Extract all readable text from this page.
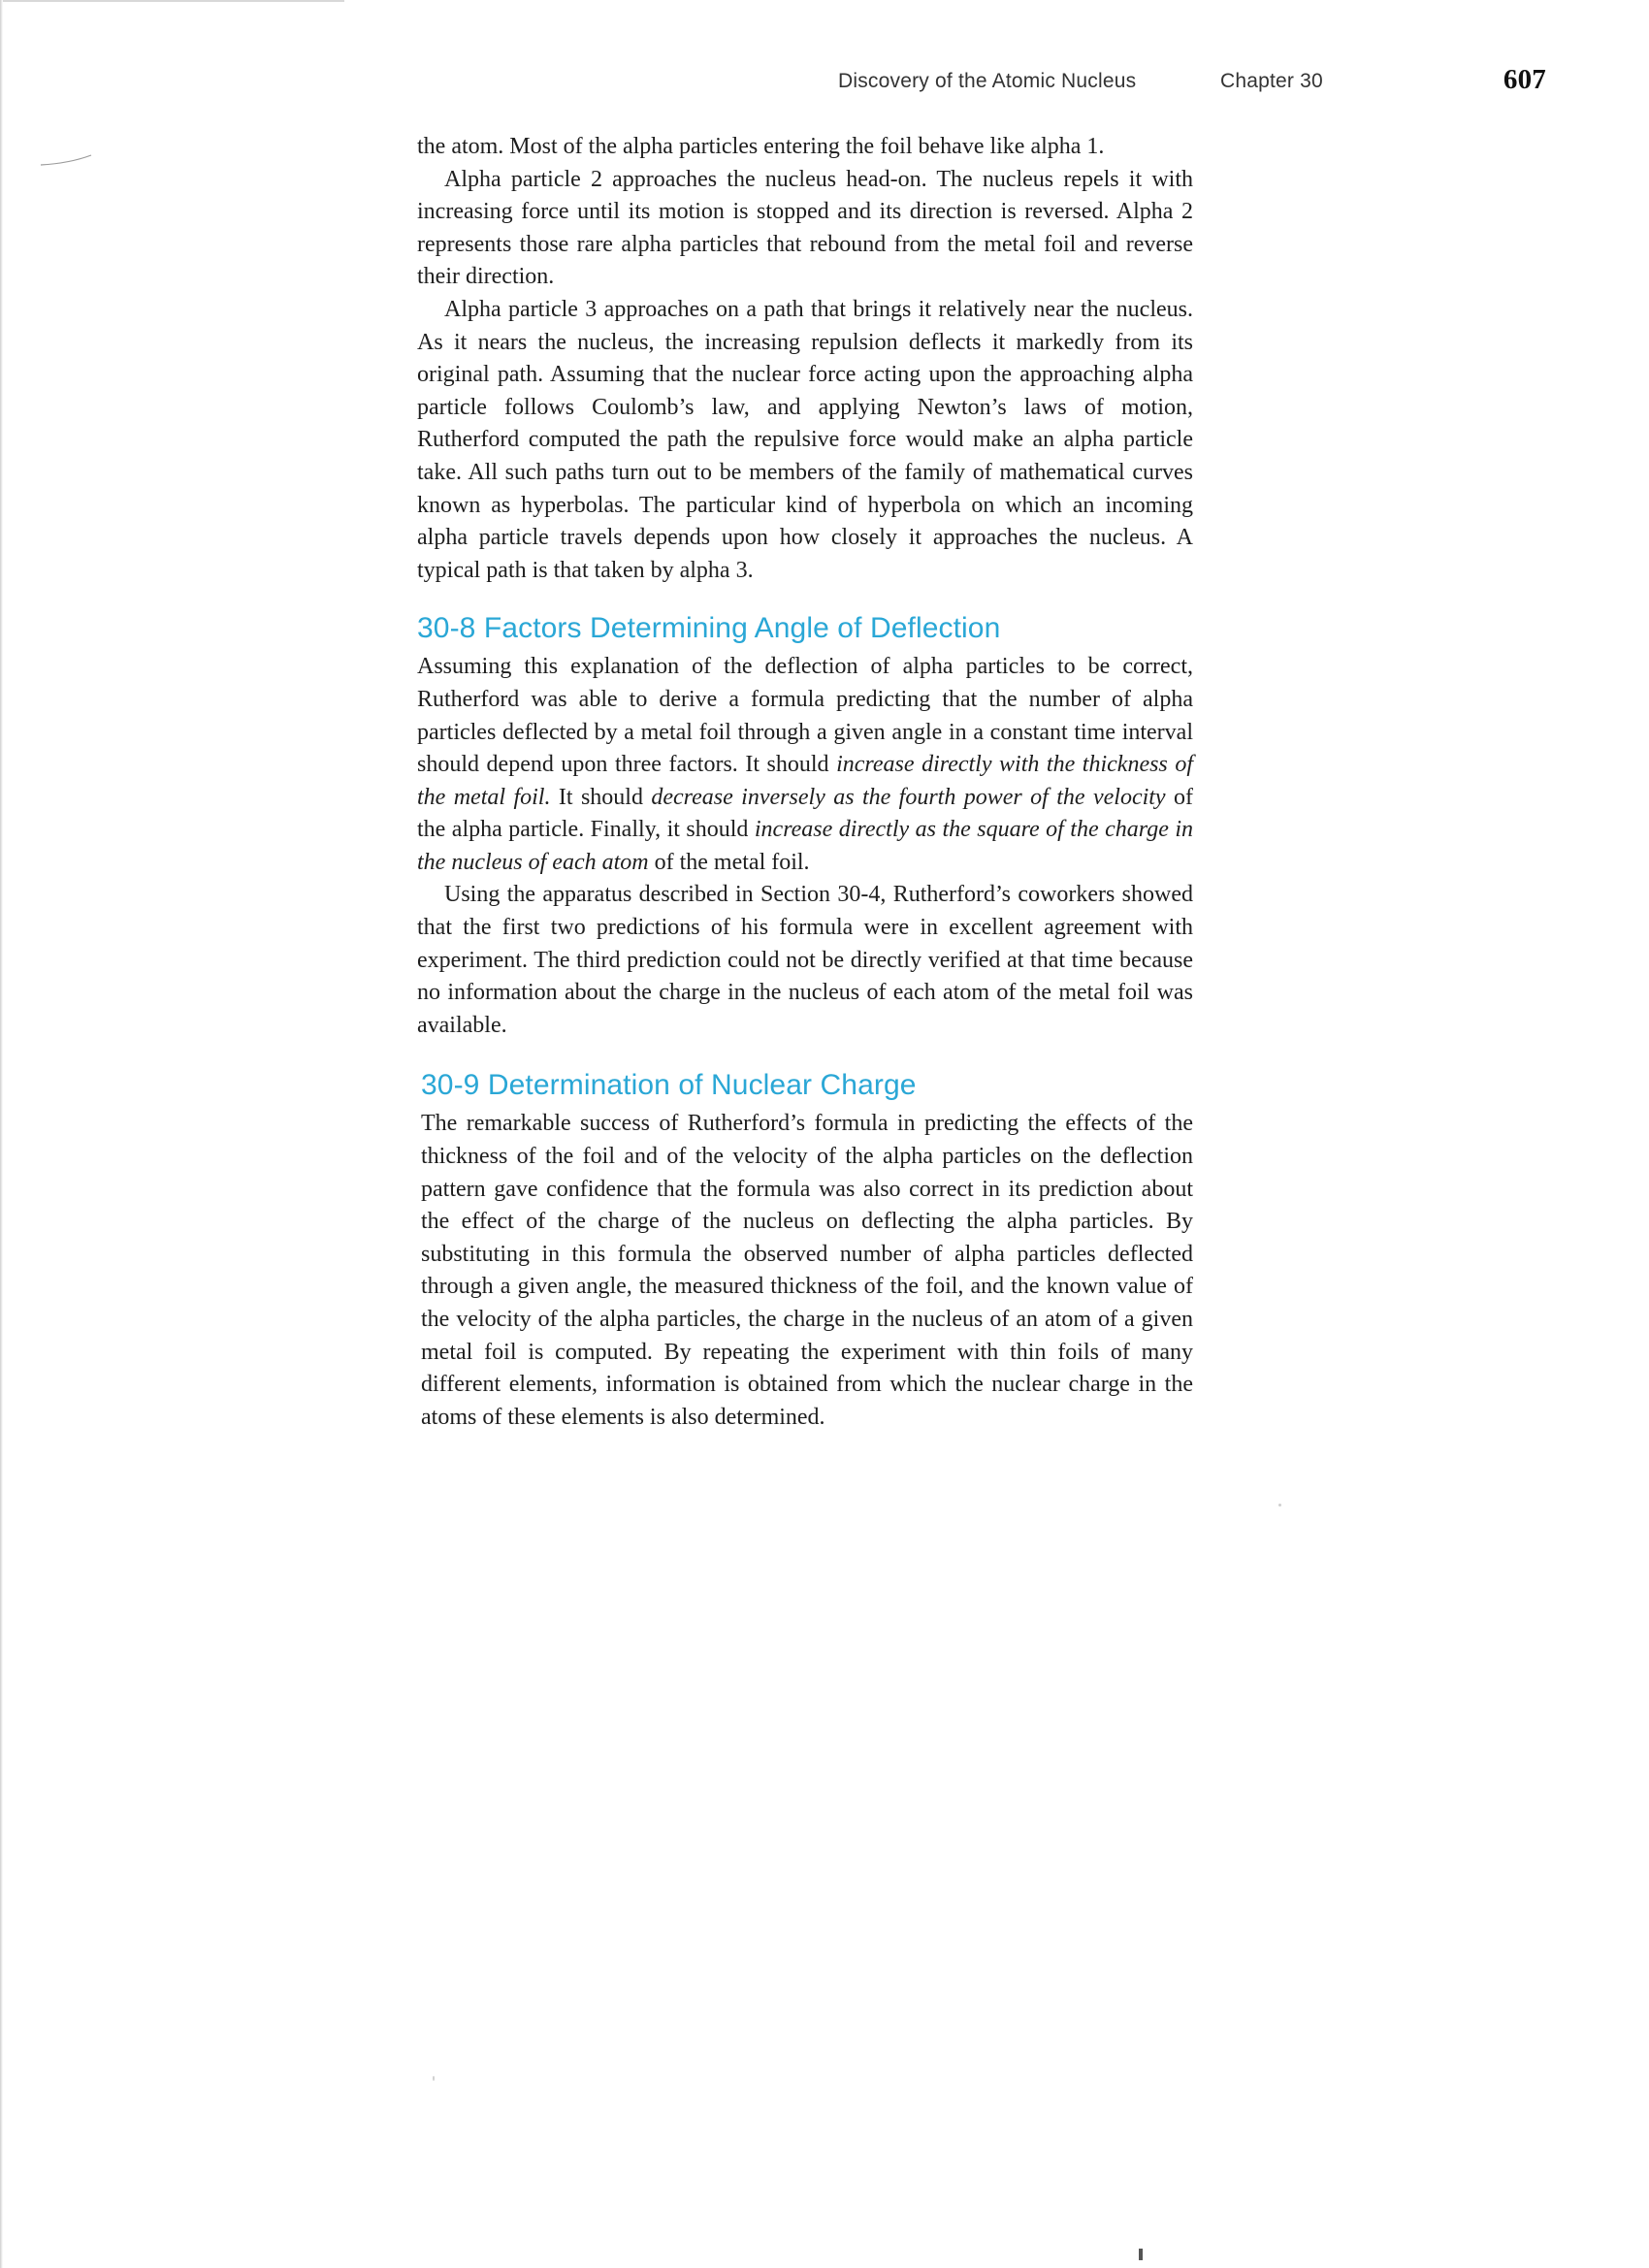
Discovery of the Atomic Nucleus	Chapter 30	607

the atom. Most of the alpha particles entering the foil behave like alpha 1.

Alpha particle 2 approaches the nucleus head-on. The nucleus repels it with increasing force until its motion is stopped and its direction is reversed. Alpha 2 represents those rare alpha particles that rebound from the metal foil and reverse their direction.

Alpha particle 3 approaches on a path that brings it relatively near the nucleus. As it nears the nucleus, the increasing repulsion deflects it markedly from its original path. Assuming that the nuclear force acting upon the approaching alpha particle follows Coulomb’s law, and applying Newton’s laws of motion, Rutherford computed the path the repulsive force would make an alpha particle take. All such paths turn out to be members of the family of mathematical curves known as hyperbolas. The particular kind of hyperbola on which an incoming alpha particle travels depends upon how closely it approaches the nucleus. A typical path is that taken by alpha 3.

30-8 Factors Determining Angle of Deflection

Assuming this explanation of the deflection of alpha particles to be correct, Rutherford was able to derive a formula predicting that the number of alpha particles deflected by a metal foil through a given angle in a constant time interval should depend upon three factors. It should increase directly with the thickness of the metal foil. It should decrease inversely as the fourth power of the velocity of the alpha particle. Finally, it should increase directly as the square of the charge in the nucleus of each atom of the metal foil.

Using the apparatus described in Section 30-4, Rutherford’s coworkers showed that the first two predictions of his formula were in excellent agreement with experiment. The third prediction could not be directly verified at that time because no information about the charge in the nucleus of each atom of the metal foil was available.

30-9 Determination of Nuclear Charge

The remarkable success of Rutherford’s formula in predicting the effects of the thickness of the foil and of the velocity of the alpha particles on the deflection pattern gave confidence that the formula was also correct in its prediction about the effect of the charge of the nucleus on deflecting the alpha particles. By substituting in this formula the observed number of alpha particles deflected through a given angle, the measured thickness of the foil, and the known value of the velocity of the alpha particles, the charge in the nucleus of an atom of a given metal foil is computed. By repeating the experiment with thin foils of many different elements, information is obtained from which the nuclear charge in the atoms of these elements is also determined.
